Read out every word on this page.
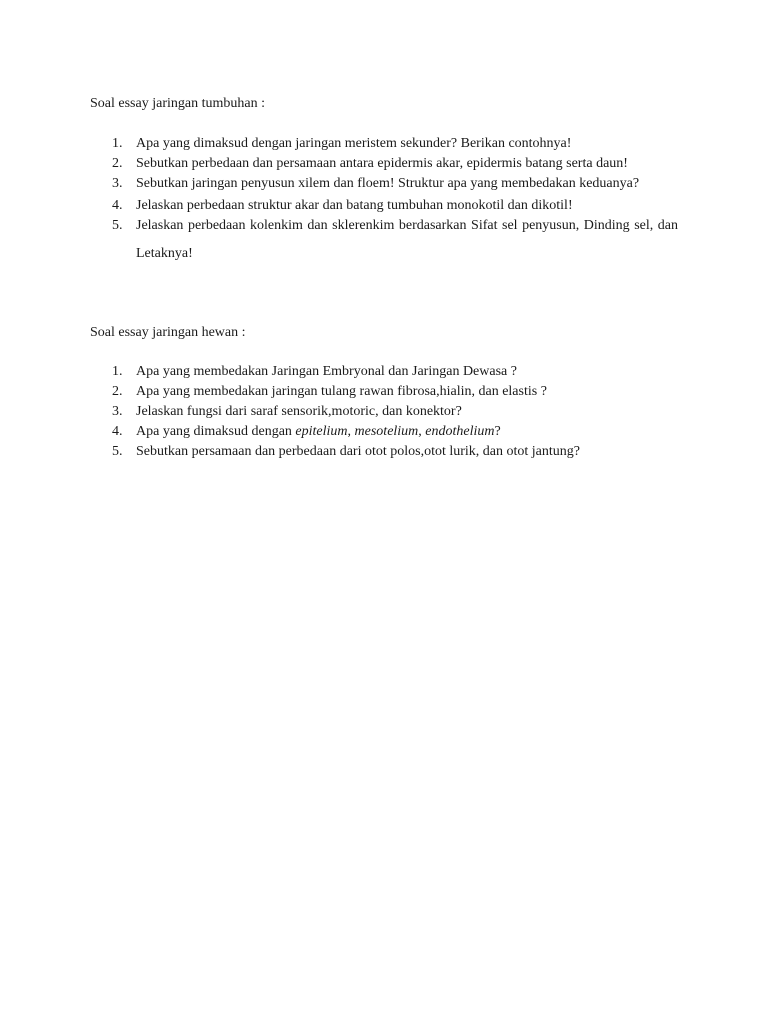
Soal essay jaringan tumbuhan :

1. Apa yang dimaksud dengan jaringan meristem sekunder? Berikan contohnya!
2. Sebutkan perbedaan dan persamaan antara epidermis akar, epidermis batang serta daun!
3. Sebutkan jaringan penyusun xilem dan floem! Struktur apa yang membedakan keduanya?
4. Jelaskan perbedaan struktur akar dan batang tumbuhan monokotil dan dikotil!
5. Jelaskan perbedaan kolenkim dan sklerenkim berdasarkan Sifat sel penyusun, Dinding sel, dan Letaknya!

Soal essay jaringan hewan :

1. Apa yang membedakan Jaringan Embryonal dan Jaringan Dewasa ?
2. Apa yang membedakan jaringan tulang rawan fibrosa,hialin, dan elastis ?
3. Jelaskan fungsi dari saraf sensorik,motoric, dan konektor?
4. Apa yang dimaksud dengan epitelium, mesotelium, endothelium?
5. Sebutkan persamaan dan perbedaan dari otot polos,otot lurik, dan otot jantung?
